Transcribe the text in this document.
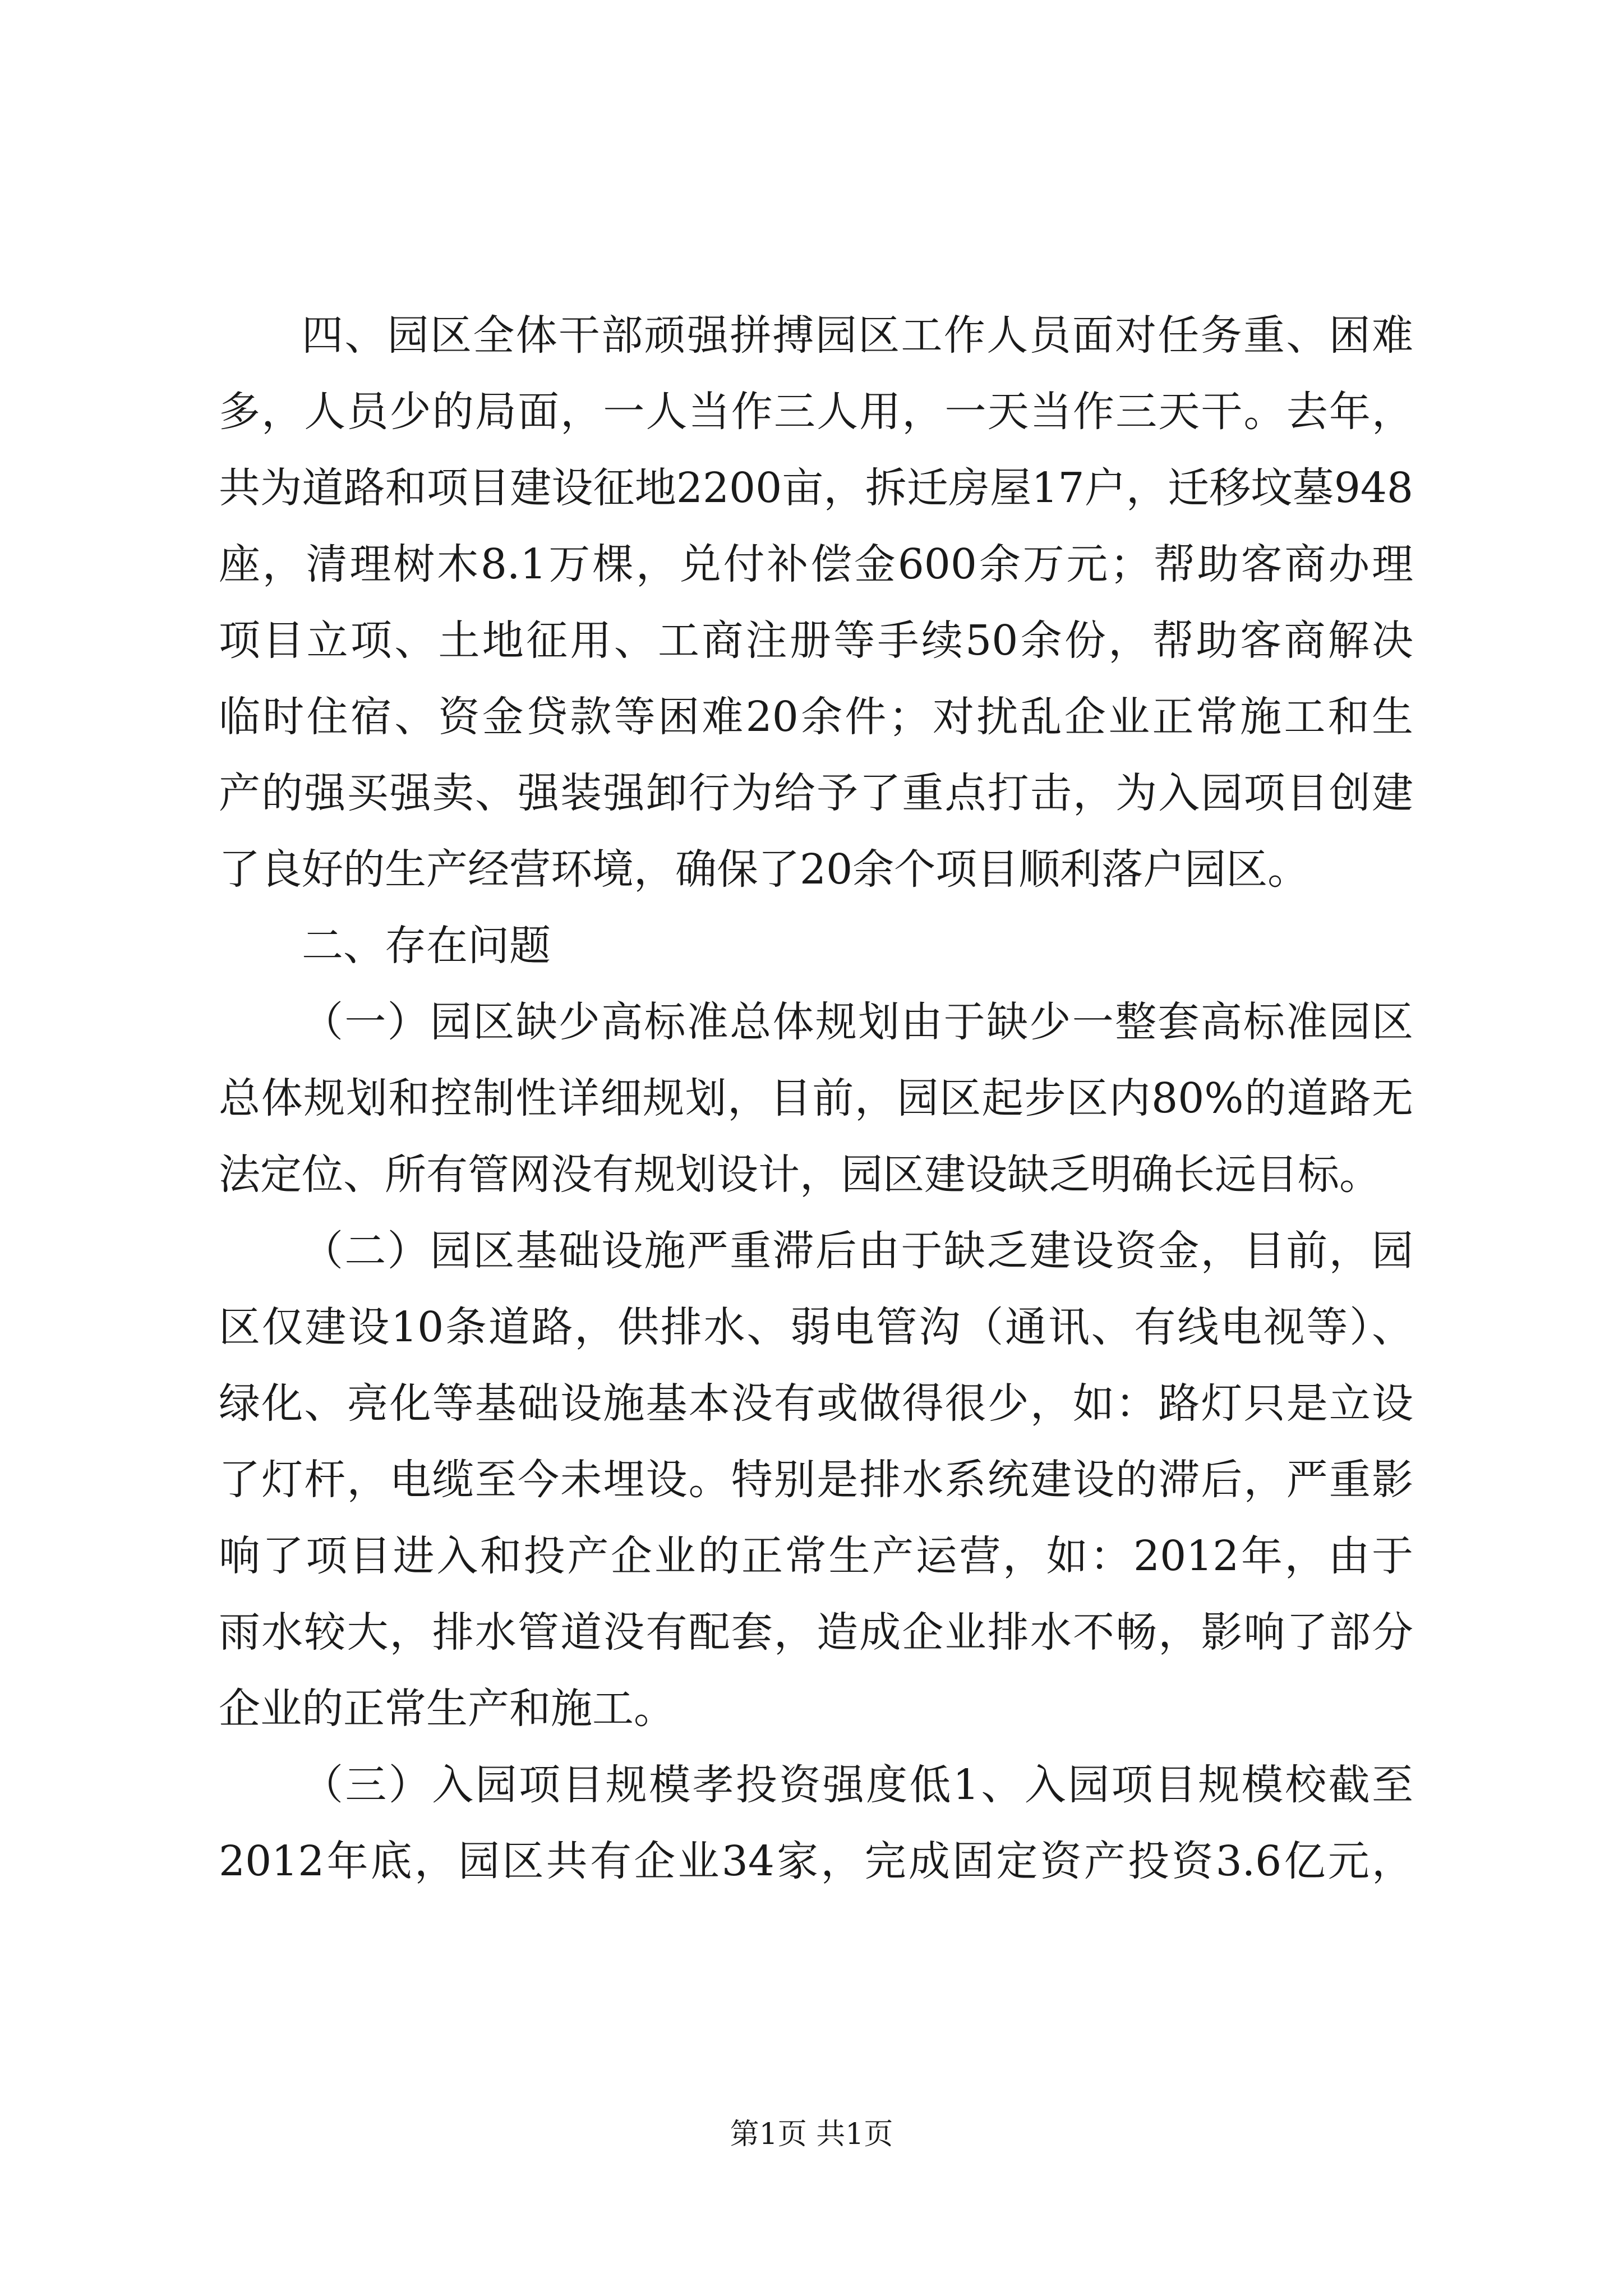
四、园区全体干部顽强拼搏园区工作人员面对任务重、困难
多，人员少的局面，一人当作三人用，一天当作三天干。去年，
共为道路和项目建设征地2200亩，拆迁房屋17户，迁移坟墓948
座，清理树木8.1万棵，兑付补偿金600余万元；帮助客商办理
项目立项、土地征用、工商注册等手续50余份，帮助客商解决
临时住宿、资金贷款等困难20余件；对扰乱企业正常施工和生
产的强买强卖、强装强卸行为给予了重点打击，为入园项目创建
了良好的生产经营环境，确保了20余个项目顺利落户园区。
二、存在问题
（一）园区缺少高标准总体规划由于缺少一整套高标准园区
总体规划和控制性详细规划，目前，园区起步区内80%的道路无
法定位、所有管网没有规划设计，园区建设缺乏明确长远目标。
（二）园区基础设施严重滞后由于缺乏建设资金，目前，园
区仅建设10条道路，供排水、弱电管沟（通讯、有线电视等）、
绿化、亮化等基础设施基本没有或做得很少，如：路灯只是立设
了灯杆，电缆至今未埋设。特别是排水系统建设的滞后，严重影
响了项目进入和投产企业的正常生产运营，如：2012年，由于
雨水较大，排水管道没有配套，造成企业排水不畅，影响了部分
企业的正常生产和施工。
（三）入园项目规模孝投资强度低1、入园项目规模校截至
2012年底，园区共有企业34家，完成固定资产投资3.6亿元，
第1页 共1页
